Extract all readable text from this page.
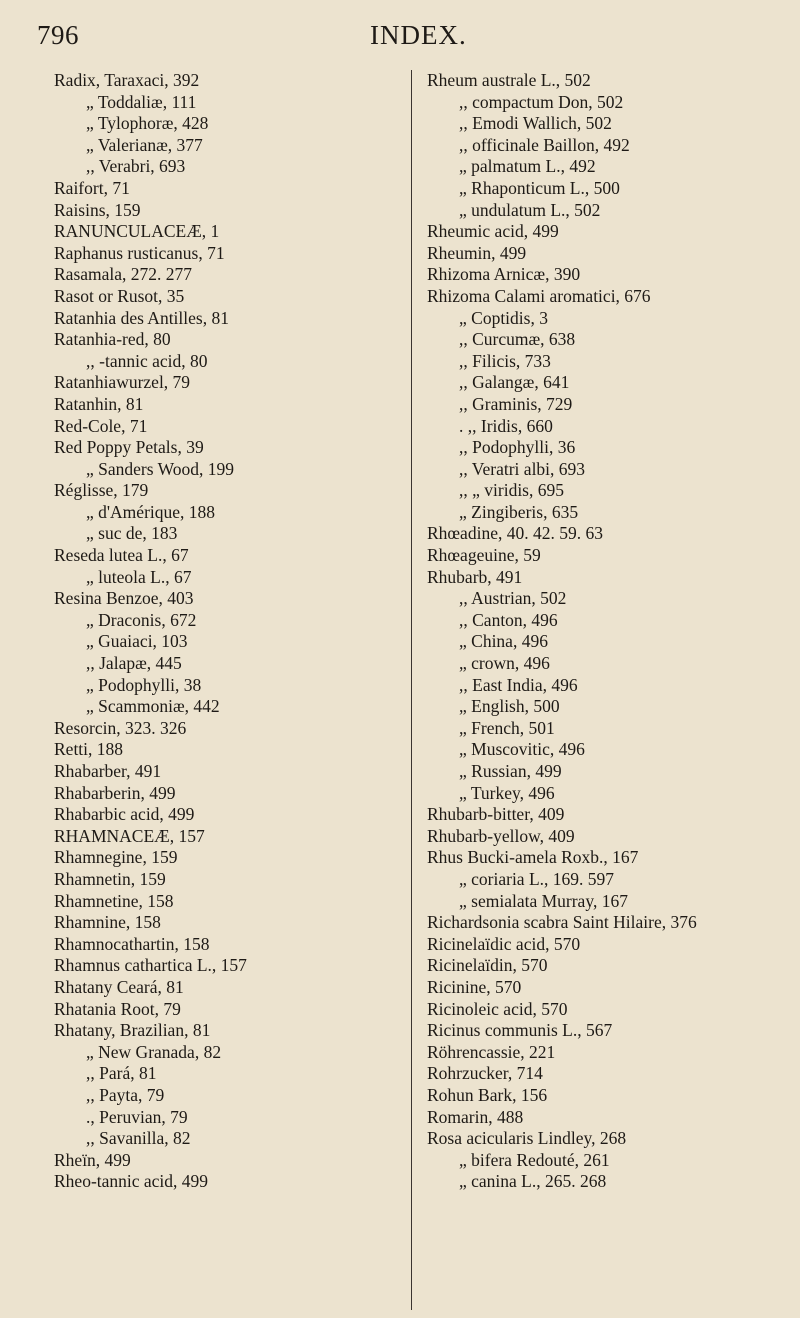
796	INDEX.
Radix, Taraxaci, 392
„ Toddaliæ, 111
„ Tylophoræ, 428
„ Valerianæ, 377
,, Verabri, 693
Raifort, 71
Raisins, 159
RANUNCULACEÆ, 1
Raphanus rusticanus, 71
Rasamala, 272. 277
Rasot or Rusot, 35
Ratanhia des Antilles, 81
Ratanhia-red, 80
,, -tannic acid, 80
Ratanhiawurzel, 79
Ratanhin, 81
Red-Cole, 71
Red Poppy Petals, 39
„ Sanders Wood, 199
Réglisse, 179
„ d'Amérique, 188
„ suc de, 183
Reseda lutea L., 67
„ luteola L., 67
Resina Benzoe, 403
„ Draconis, 672
„ Guaiaci, 103
,, Jalapæ, 445
„ Podophylli, 38
„ Scammoniæ, 442
Resorcin, 323. 326
Retti, 188
Rhabarber, 491
Rhabarberin, 499
Rhabarbic acid, 499
RHAMNACEÆ, 157
Rhamnegine, 159
Rhamnetin, 159
Rhamnetine, 158
Rhamnine, 158
Rhamnocathartin, 158
Rhamnus cathartica L., 157
Rhatany Ceará, 81
Rhatania Root, 79
Rhatany, Brazilian, 81
„ New Granada, 82
,, Pará, 81
,, Payta, 79
., Peruvian, 79
,, Savanilla, 82
Rheïn, 499
Rheo-tannic acid, 499
Rheum australe L., 502
,, compactum Don, 502
,, Emodi Wallich, 502
,, officinale Baillon, 492
„ palmatum L., 492
„ Rhaponticum L., 500
„ undulatum L., 502
Rheumic acid, 499
Rheumin, 499
Rhizoma Arnicæ, 390
Rhizoma Calami aromatici, 676
„ Coptidis, 3
,, Curcumæ, 638
,, Filicis, 733
,, Galangæ, 641
,, Graminis, 729
. ,, Iridis, 660
,, Podophylli, 36
,, Veratri albi, 693
,, „ viridis, 695
„ Zingiberis, 635
Rhœadine, 40. 42. 59. 63
Rhœageuine, 59
Rhubarb, 491
,, Austrian, 502
,, Canton, 496
„ China, 496
„ crown, 496
,, East India, 496
„ English, 500
„ French, 501
„ Muscovitic, 496
„ Russian, 499
„ Turkey, 496
Rhubarb-bitter, 409
Rhubarb-yellow, 409
Rhus Bucki-amela Roxb., 167
„ coriaria L., 169. 597
„ semialata Murray, 167
Richardsonia scabra Saint Hilaire, 376
Ricinelaïdic acid, 570
Ricinelaïdin, 570
Ricinine, 570
Ricinoleic acid, 570
Ricinus communis L., 567
Röhrencassie, 221
Rohrzucker, 714
Rohun Bark, 156
Romarin, 488
Rosa acicularis Lindley, 268
„ bifera Redouté, 261
„ canina L., 265. 268
